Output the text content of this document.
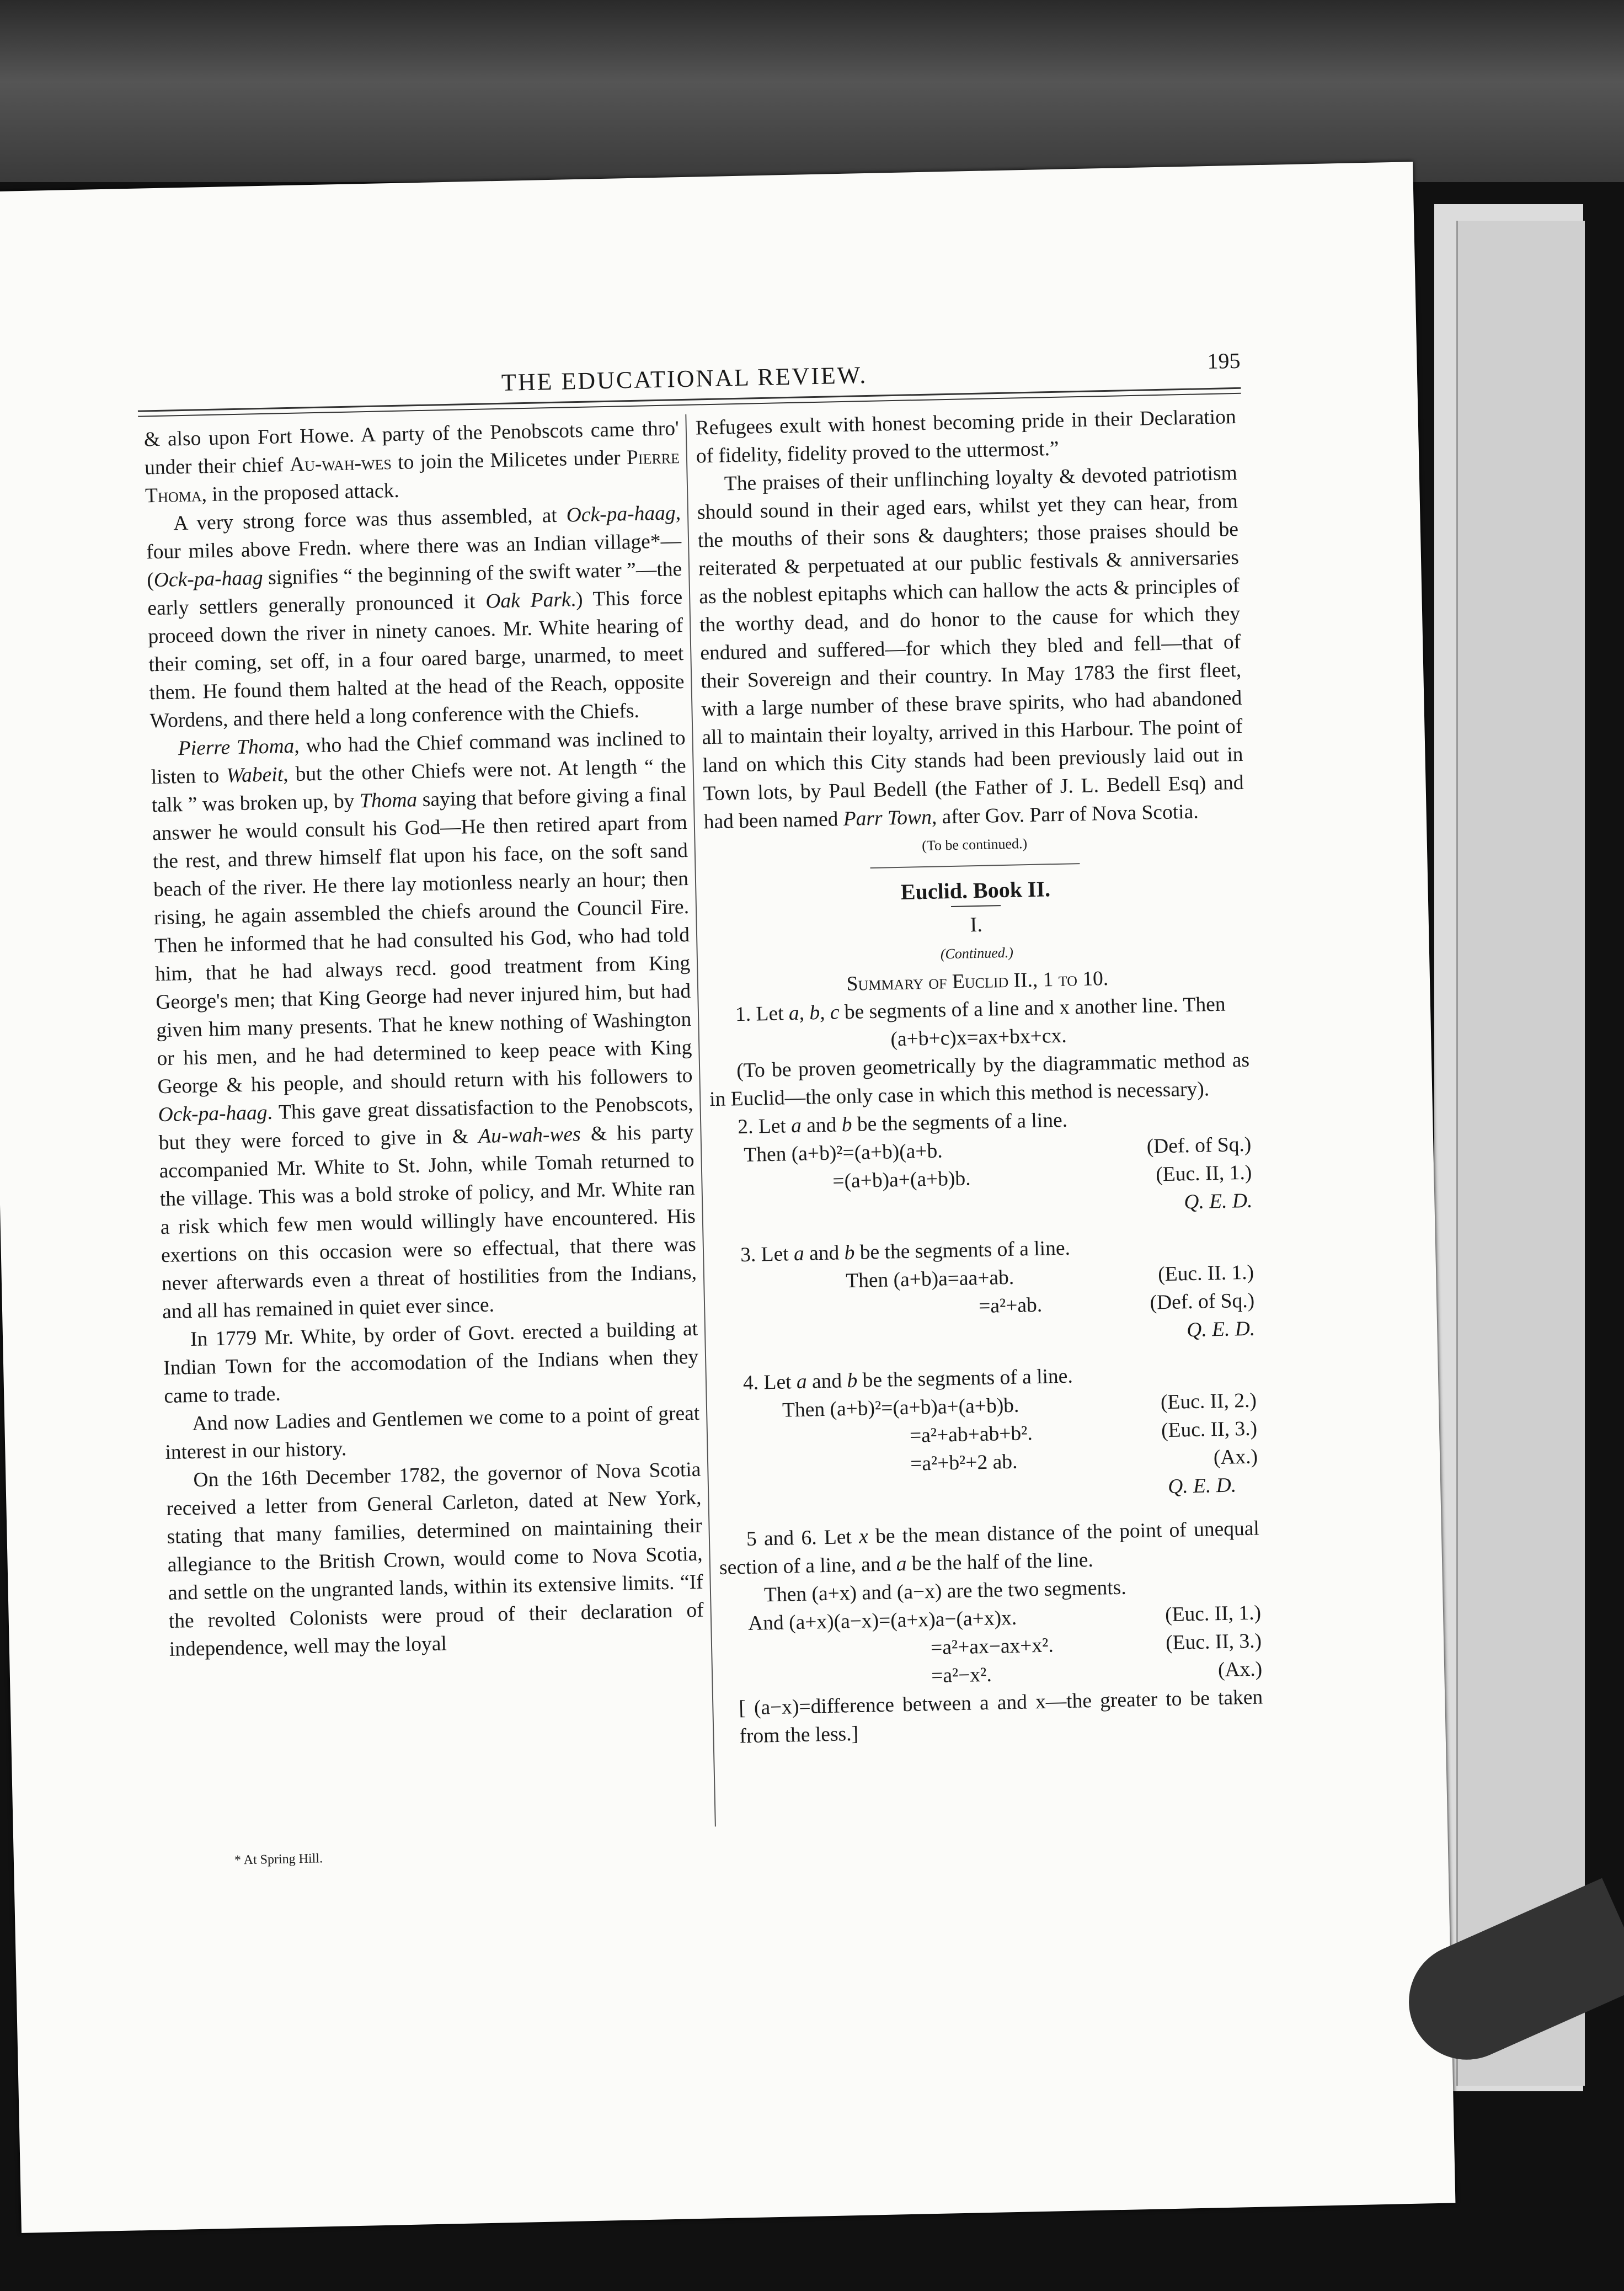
THE EDUCATIONAL REVIEW.
195

& also upon Fort Howe. A party of the Penobscots came thro' under their chief Au-wah-wes to join the Milicetes under Pierre Thoma, in the proposed attack.

A very strong force was thus assembled, at Ock-pa-haag, four miles above Fredn. where there was an Indian village*—(Ock-pa-haag signifies “ the beginning of the swift water ”—the early settlers generally pronounced it Oak Park.) This force proceed down the river in ninety canoes. Mr. White hearing of their coming, set off, in a four oared barge, unarmed, to meet them. He found them halted at the head of the Reach, opposite Wordens, and there held a long conference with the Chiefs.

Pierre Thoma, who had the Chief command was inclined to listen to Wabeit, but the other Chiefs were not. At length “ the talk ” was broken up, by Thoma saying that before giving a final answer he would consult his God—He then retired apart from the rest, and threw himself flat upon his face, on the soft sand beach of the river. He there lay motionless nearly an hour; then rising, he again assembled the chiefs around the Council Fire. Then he informed that he had consulted his God, who had told him, that he had always recd. good treatment from King George's men; that King George had never injured him, but had given him many presents. That he knew nothing of Washington or his men, and he had determined to keep peace with King George & his people, and should return with his followers to Ock-pa-haag. This gave great dissatisfaction to the Penobscots, but they were forced to give in & Au-wah-wes & his party accompanied Mr. White to St. John, while Tomah returned to the village. This was a bold stroke of policy, and Mr. White ran a risk which few men would willingly have encountered. His exertions on this occasion were so effectual, that there was never afterwards even a threat of hostilities from the Indians, and all has remained in quiet ever since.

In 1779 Mr. White, by order of Govt. erected a building at Indian Town for the accomodation of the Indians when they came to trade.

And now Ladies and Gentlemen we come to a point of great interest in our history.

On the 16th December 1782, the governor of Nova Scotia received a letter from General Carleton, dated at New York, stating that many families, determined on maintaining their allegiance to the British Crown, would come to Nova Scotia, and settle on the ungranted lands, within its extensive limits. “If the revolted Colonists were proud of their declaration of independence, well may the loyal

* At Spring Hill.

Refugees exult with honest becoming pride in their Declaration of fidelity, fidelity proved to the uttermost.”

The praises of their unflinching loyalty & devoted patriotism should sound in their aged ears, whilst yet they can hear, from the mouths of their sons & daughters; those praises should be reiterated & perpetuated at our public festivals & anniversaries as the noblest epitaphs which can hallow the acts & principles of the worthy dead, and do honor to the cause for which they endured and suffered—for which they bled and fell—that of their Sovereign and their country. In May 1783 the first fleet, with a large number of these brave spirits, who had abandoned all to maintain their loyalty, arrived in this Harbour. The point of land on which this City stands had been previously laid out in Town lots, by Paul Bedell (the Father of J. L. Bedell Esq) and had been named Parr Town, after Gov. Parr of Nova Scotia.

(To be continued.)

Euclid. Book II.
I.

(Continued.)

Summary of Euclid II., 1 to 10.

1. Let a, b, c be segments of a line and x another line. Then

(a+b+c)x=ax+bx+cx.

(To be proven geometrically by the diagrammatic method as in Euclid—the only case in which this method is necessary).

2. Let a and b be the segments of a line.

Then (a+b)²=(a+b)(a+b.	(Def. of Sq.)
=(a+b)a+(a+b)b.	(Euc. II, 1.)
Q. E. D.

3. Let a and b be the segments of a line.

Then (a+b)a=aa+ab.	(Euc. II. 1.)
=a²+ab.	(Def. of Sq.)
Q. E. D.

4. Let a and b be the segments of a line.

Then (a+b)²=(a+b)a+(a+b)b.	(Euc. II, 2.)
=a²+ab+ab+b².	(Euc. II, 3.)
=a²+b²+2 ab.	(Ax.)
Q. E. D.

5 and 6. Let x be the mean distance of the point of unequal section of a line, and a be the half of the line.

Then (a+x) and (a−x) are the two segments.
And (a+x)(a−x)=(a+x)a−(a+x)x.	(Euc. II, 1.)
=a²+ax−ax+x².	(Euc. II, 3.)
=a²−x².	(Ax.)

[ (a−x)=difference between a and x—the greater to be taken from the less.]
